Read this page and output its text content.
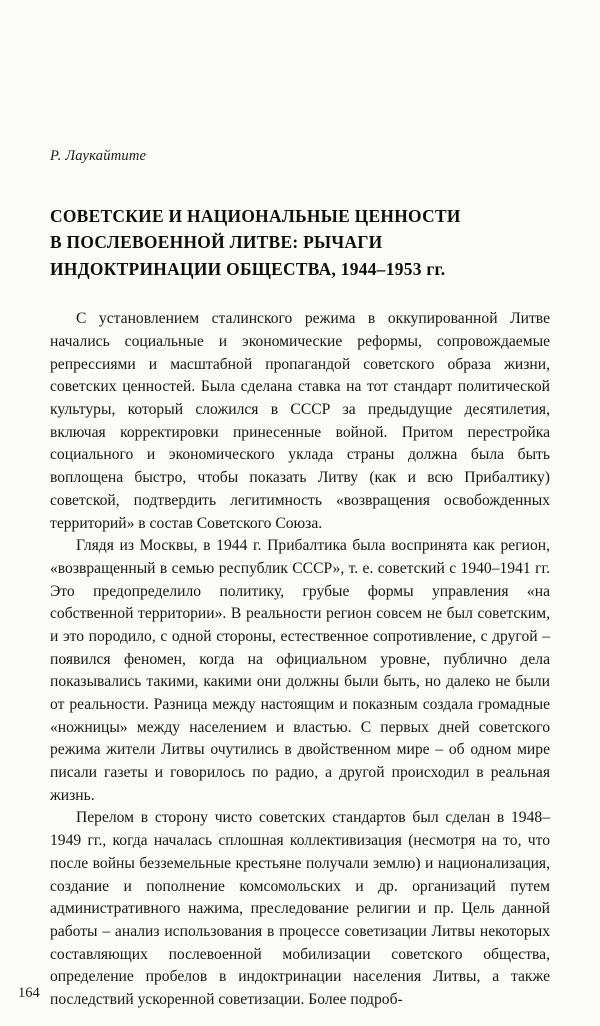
Р. Лаукайтите
СОВЕТСКИЕ И НАЦИОНАЛЬНЫЕ ЦЕННОСТИ
В ПОСЛЕВОЕННОЙ ЛИТВЕ: РЫЧАГИ
ИНДОКТРИНАЦИИ ОБЩЕСТВА, 1944–1953 гг.

С установлением сталинского режима в оккупированной Литве начались социальные и экономические реформы, сопровождаемые репрессиями и масштабной пропагандой советского образа жизни, советских ценностей. Была сделана ставка на тот стандарт политической культуры, который сложился в СССР за предыдущие десятилетия, включая корректировки принесенные войной. Притом перестройка социального и экономического уклада страны должна была быть воплощена быстро, чтобы показать Литву (как и всю Прибалтику) советской, подтвердить легитимность «возвращения освобожденных территорий» в состав Советского Союза.

Глядя из Москвы, в 1944 г. Прибалтика была воспринята как регион, «возвращенный в семью республик СССР», т. е. советский с 1940–1941 гг. Это предопределило политику, грубые формы управления «на собственной территории». В реальности регион совсем не был советским, и это породило, с одной стороны, естественное сопротивление, с другой – появился феномен, когда на официальном уровне, публично дела показывались такими, какими они должны были быть, но далеко не были от реальности. Разница между настоящим и показным создала громадные «ножницы» между населением и властью. С первых дней советского режима жители Литвы очутились в двойственном мире – об одном мире писали газеты и говорилось по радио, а другой происходил в реальная жизнь.

Перелом в сторону чисто советских стандартов был сделан в 1948–1949 гг., когда началась сплошная коллективизация (несмотря на то, что после войны безземельные крестьяне получали землю) и национализация, создание и пополнение комсомольских и др. организаций путем административного нажима, преследование религии и пр. Цель данной работы – анализ использования в процессе советизации Литвы некоторых составляющих послевоенной мобилизации советского общества, определение пробелов в индоктринации населения Литвы, а также последствий ускоренной советизации. Более подроб-

164
